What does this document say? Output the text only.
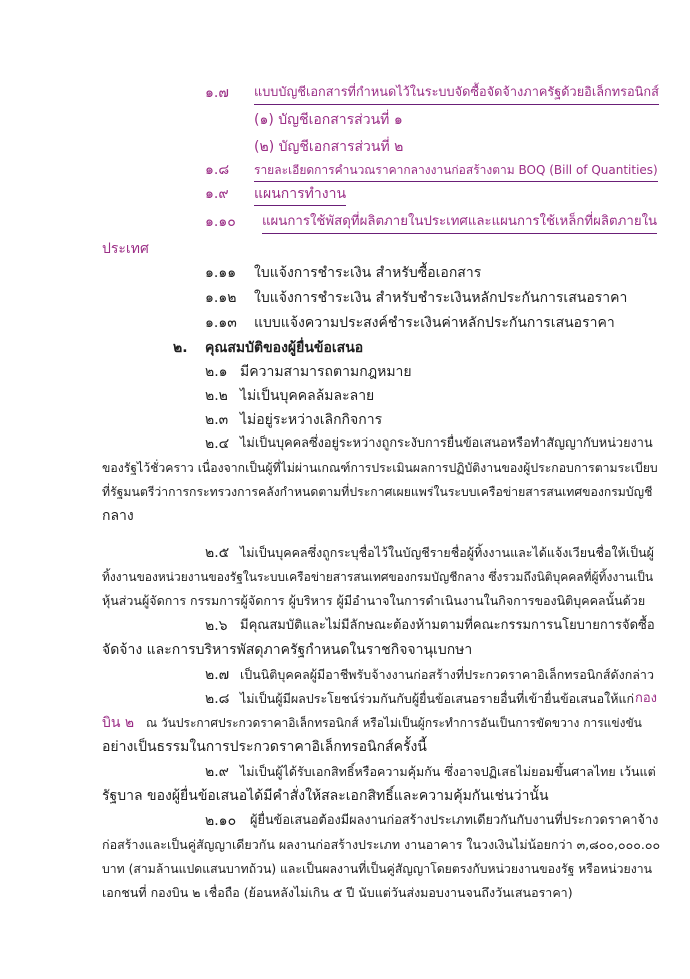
๑.๗ แบบบัญชีเอกสารที่กำหนดไว้ในระบบจัดซื้อจัดจ้างภาครัฐด้วยอิเล็กทรอนิกส์
(๑) บัญชีเอกสารส่วนที่ ๑
(๒) บัญชีเอกสารส่วนที่ ๒
๑.๘ รายละเอียดการคำนวณราคากลางงานก่อสร้างตาม BOQ (Bill of Quantities)
๑.๙ แผนการทำงาน
๑.๑๐ แผนการใช้พัสดุที่ผลิตภายในประเทศและแผนการใช้เหล็กที่ผลิตภายใน
ประเทศ
๑.๑๑ ใบแจ้งการชำระเงิน สำหรับซื้อเอกสาร
๑.๑๒ ใบแจ้งการชำระเงิน สำหรับชำระเงินหลักประกันการเสนอราคา
๑.๑๓ แบบแจ้งความประสงค์ชำระเงินค่าหลักประกันการเสนอราคา
๒. คุณสมบัติของผู้ยื่นข้อเสนอ
๒.๑ มีความสามารถตามกฎหมาย
๒.๒ ไม่เป็นบุคคลล้มละลาย
๒.๓ ไม่อยู่ระหว่างเลิกกิจการ
๒.๔ ไม่เป็นบุคคลซึ่งอยู่ระหว่างถูกระงับการยื่นข้อเสนอหรือทำสัญญากับหน่วยงาน
ของรัฐไว้ชั่วคราว เนื่องจากเป็นผู้ที่ไม่ผ่านเกณฑ์การประเมินผลการปฏิบัติงานของผู้ประกอบการตามระเบียบ
ที่รัฐมนตรีว่าการกระทรวงการคลังกำหนดตามที่ประกาศเผยแพร่ในระบบเครือข่ายสารสนเทศของกรมบัญชี
กลาง
๒.๕ ไม่เป็นบุคคลซึ่งถูกระบุชื่อไว้ในบัญชีรายชื่อผู้ทิ้งงานและได้แจ้งเวียนชื่อให้เป็นผู้
ทิ้งงานของหน่วยงานของรัฐในระบบเครือข่ายสารสนเทศของกรมบัญชีกลาง ซึ่งรวมถึงนิติบุคคลที่ผู้ทิ้งงานเป็น
หุ้นส่วนผู้จัดการ กรรมการผู้จัดการ ผู้บริหาร ผู้มีอำนาจในการดำเนินงานในกิจการของนิติบุคคลนั้นด้วย
๒.๖ มีคุณสมบัติและไม่มีลักษณะต้องห้ามตามที่คณะกรรมการนโยบายการจัดซื้อ
จัดจ้าง และการบริหารพัสดุภาครัฐกำหนดในราชกิจจานุเบกษา
๒.๗ เป็นนิติบุคคลผู้มีอาชีพรับจ้างงานก่อสร้างที่ประกวดราคาอิเล็กทรอนิกส์ดังกล่าว
๒.๘ ไม่เป็นผู้มีผลประโยชน์ร่วมกันกับผู้ยื่นข้อเสนอรายอื่นที่เข้ายื่นข้อเสนอให้แก่ กอง
บิน ๒ ณ วันประกาศประกวดราคาอิเล็กทรอนิกส์ หรือไม่เป็นผู้กระทำการอันเป็นการขัดขวาง การแข่งขัน
อย่างเป็นธรรมในการประกวดราคาอิเล็กทรอนิกส์ครั้งนี้
๒.๙ ไม่เป็นผู้ได้รับเอกสิทธิ์หรือความคุ้มกัน ซึ่งอาจปฏิเสธไม่ยอมขึ้นศาลไทย เว้นแต่
รัฐบาล ของผู้ยื่นข้อเสนอได้มีคำสั่งให้สละเอกสิทธิ์และความคุ้มกันเช่นว่านั้น
๒.๑๐ ผู้ยื่นข้อเสนอต้องมีผลงานก่อสร้างประเภทเดียวกันกับงานที่ประกวดราคาจ้าง
ก่อสร้างและเป็นคู่สัญญาเดียวกัน ผลงานก่อสร้างประเภท งานอาคาร ในวงเงินไม่น้อยกว่า ๓,๘๐๐,๐๐๐.๐๐
บาท (สามล้านแปดแสนบาทถ้วน) และเป็นผลงานที่เป็นคู่สัญญาโดยตรงกับหน่วยงานของรัฐ หรือหน่วยงาน
เอกชนที่ กองบิน ๒ เชื่อถือ (ย้อนหลังไม่เกิน ๕ ปี นับแต่วันส่งมอบงานจนถึงวันเสนอราคา)
